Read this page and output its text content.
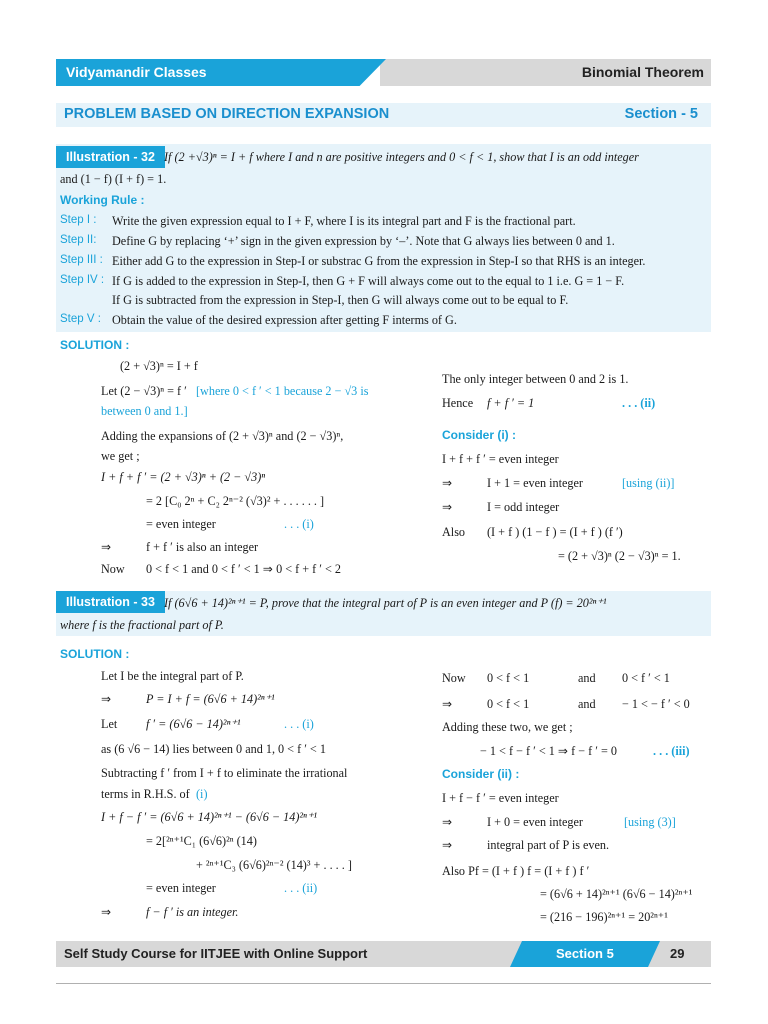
Vidyamandir Classes	Binomial Theorem
PROBLEM BASED ON DIRECTION EXPANSION	Section - 5
Illustration - 32 If (2 +√3)ⁿ = I + f where I and n are positive integers and 0 < f < 1, show that I is an odd integer
and (1 − f) (I + f) = 1.
Working Rule :
Step I : Write the given expression equal to I + F, where I is its integral part and F is the fractional part.
Step II: Define G by replacing ‘+’ sign in the given expression by ‘–’. Note that G always lies between 0 and 1.
Step III : Either add G to the expression in Step-I or substrac G from the expression in Step-I so that RHS is an integer.
Step IV : If G is added to the expression in Step-I, then G + F will always come out to the equal to 1 i.e. G = 1 − F.
If G is subtracted from the expression in Step-I, then G will always come out to be equal to F.
Step V : Obtain the value of the desired expression after getting F interms of G.
SOLUTION :
(2 + √3)ⁿ = I + f
Let (2 − √3)ⁿ = f ′ [where 0 < f ′ < 1 because 2 − √3 is
between 0 and 1.]
Adding the expansions of (2 + √3)ⁿ and (2 − √3)ⁿ,
we get ;
I + f + f ′ = (2 + √3)ⁿ + (2 − √3)ⁿ
= 2 [C₀ 2ⁿ + C₂ 2ⁿ⁻² (√3)² + . . . . . . ]
= even integer	. . . (i)
⇒	f + f ′ is also an integer
Now 0 < f < 1 and 0 < f ′ < 1 ⇒ 0 < f + f ′ < 2
The only integer between 0 and 2 is 1.
Hence f + f ′ = 1	. . . (ii)
Consider (i) :
I + f + f ′ = even integer
⇒	I + 1 = even integer	[using (ii)]
⇒	I = odd integer
Also (I + f ) (1 − f ) = (I + f ) (f ′)
= (2 + √3)ⁿ (2 − √3)ⁿ = 1.
Illustration - 33 If (6√6 + 14)²ⁿ⁺¹ = P, prove that the integral part of P is an even integer and P (f) = 20²ⁿ⁺¹
where f is the fractional part of P.
SOLUTION :
Let I be the integral part of P.
⇒	P = I + f = (6√6 + 14)²ⁿ⁺¹
Let f ′ = (6√6 − 14)²ⁿ⁺¹	. . . (i)
as (6 √6 − 14) lies between 0 and 1, 0 < f ′ < 1
Subtracting f ′ from I + f to eliminate the irrational
terms in R.H.S. of (i)
I + f − f ′ = (6√6 + 14)²ⁿ⁺¹ − (6√6 − 14)²ⁿ⁺¹
= 2[²ⁿ⁺¹C₁ (6√6)²ⁿ (14)
+ ²ⁿ⁺¹C₃ (6√6)²ⁿ⁻² (14)³ + . . . . ]
= even integer	. . . (ii)
⇒	f − f ′ is an integer.
Now 0 < f < 1	and 0 < f ′ < 1
⇒	0 < f < 1	and − 1 < − f ′ < 0
Adding these two, we get ;
− 1 < f − f ′ < 1 ⇒ f − f ′ = 0	. . . (iii)
Consider (ii) :
I + f − f ′ = even integer
⇒	I + 0 = even integer	[using (3)]
⇒	integral part of P is even.
Also Pf = (I + f ) f = (I + f ) f ′
= (6√6 + 14)²ⁿ⁺¹ (6√6 − 14)²ⁿ⁺¹
= (216 − 196)²ⁿ⁺¹ = 20²ⁿ⁺¹
Self Study Course for IITJEE with Online Support	Section 5	29
